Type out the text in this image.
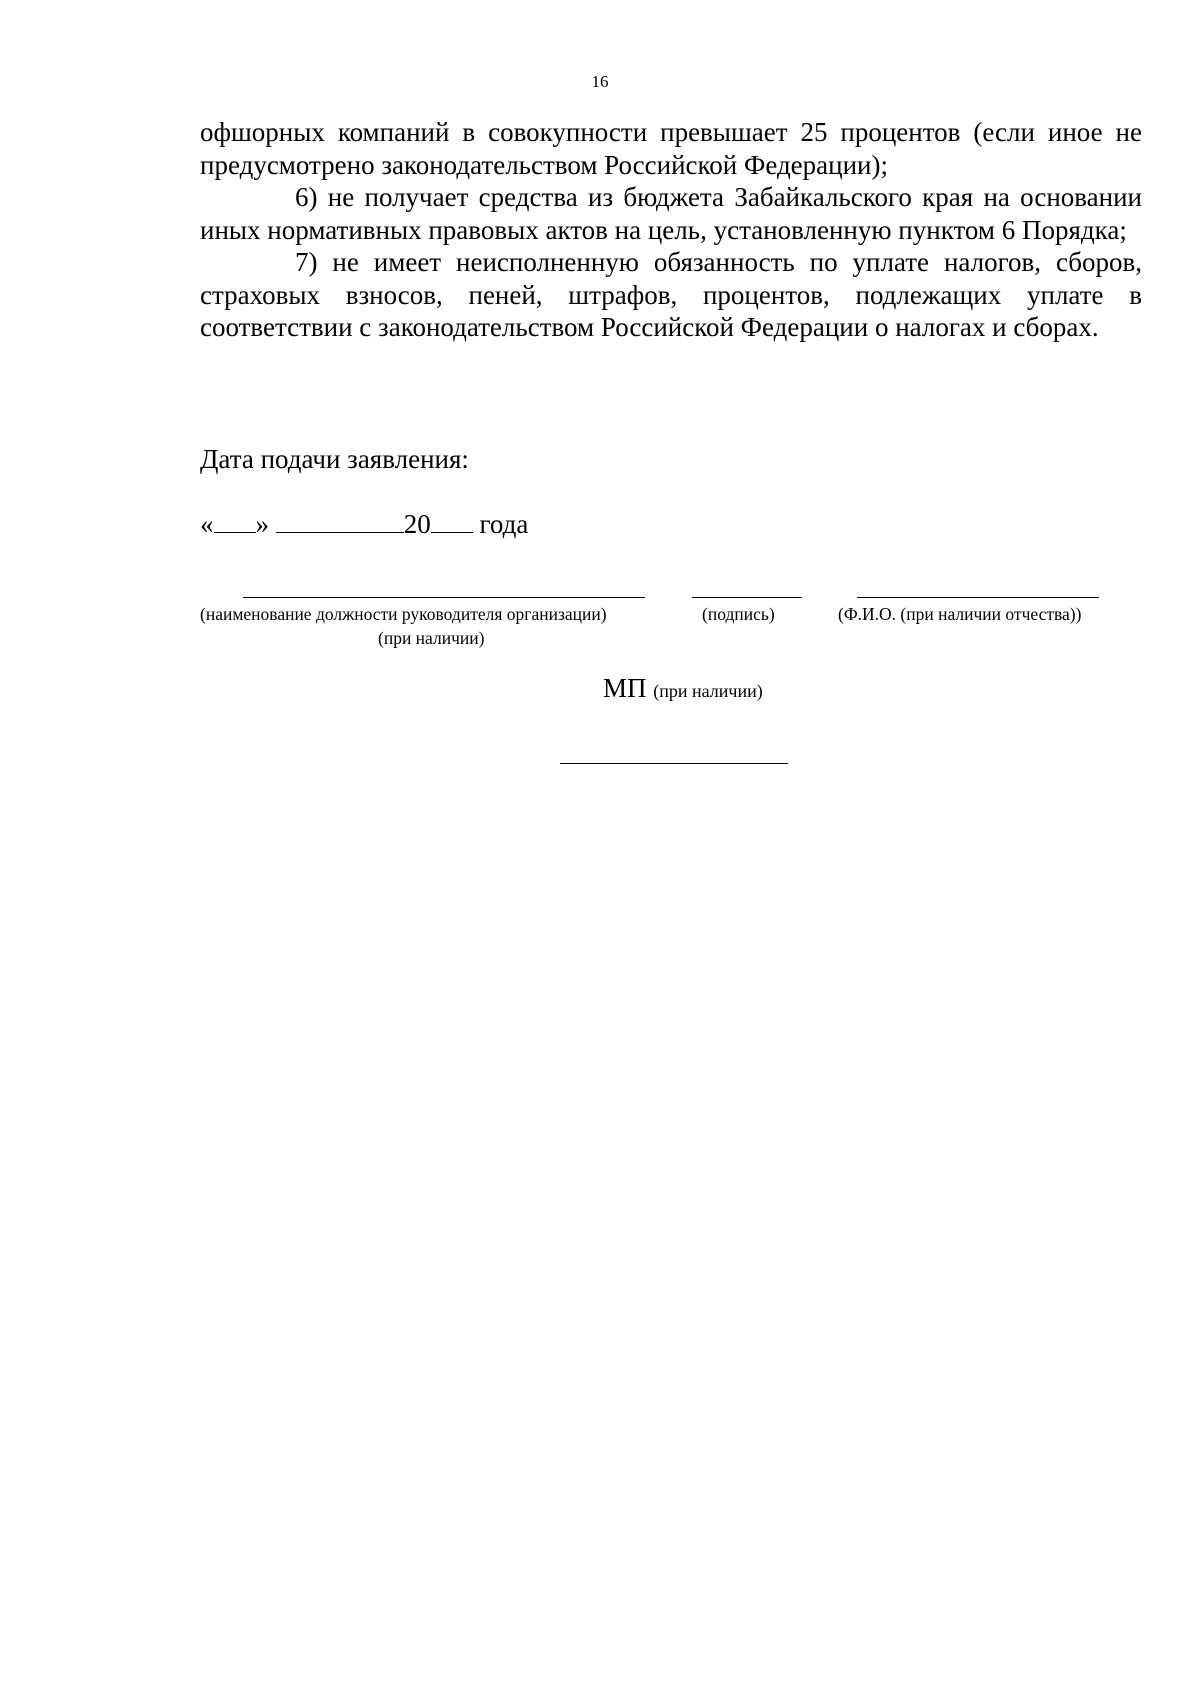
16

офшорных компаний в совокупности превышает 25 процентов (если иное не предусмотрено законодательством Российской Федерации);

6) не получает средства из бюджета Забайкальского края на основании иных нормативных правовых актов на цель, установленную пунктом 6 Порядка;

7) не имеет неисполненную обязанность по уплате налогов, сборов, страховых взносов, пеней, штрафов, процентов, подлежащих уплате в соответствии с законодательством Российской Федерации о налогах и сборах.

Дата подачи заявления:
« »	20 года
(наименование должности руководителя организации)
(при наличии)
(подпись)	(Ф.И.О. (при наличии отчества))
МП (при наличии)
